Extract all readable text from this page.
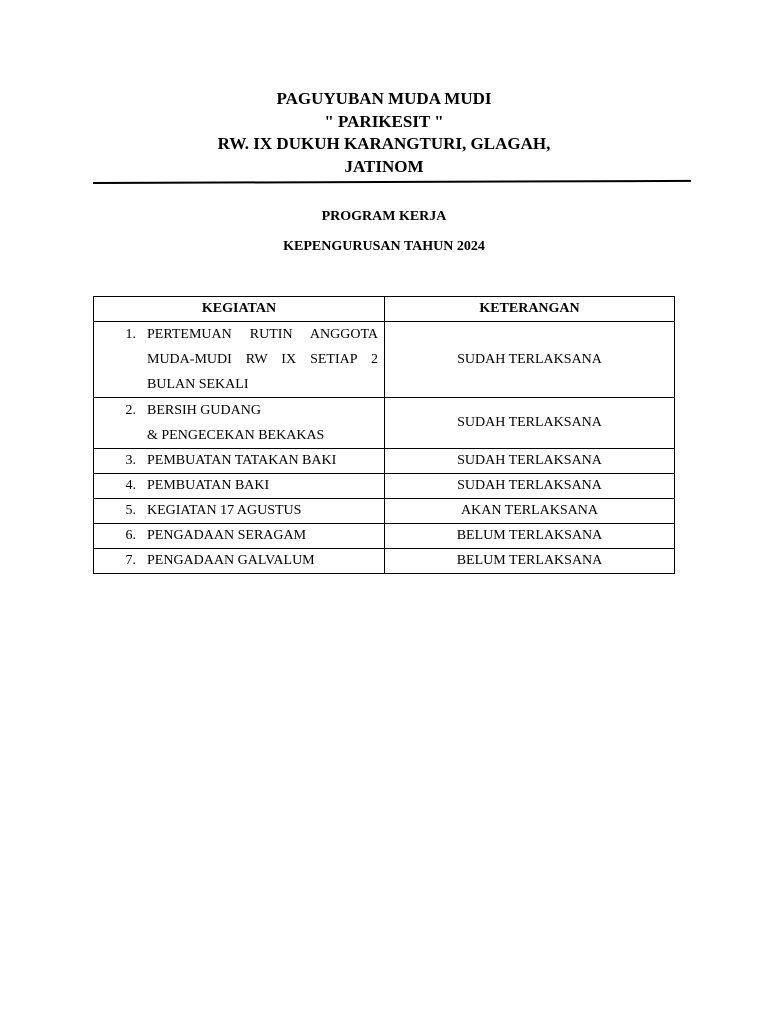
PAGUYUBAN MUDA MUDI
" PARIKESIT "
RW. IX DUKUH KARANGTURI, GLAGAH,
JATINOM
PROGRAM KERJA
KEPENGURUSAN TAHUN 2024
KEGIATAN	KETERANGAN

1. PERTEMUAN RUTIN ANGGOTA
MUDA-MUDI RW IX SETIAP 2
BULAN SEKALI	SUDAH TERLAKSANA

2. BERSIH GUDANG
& PENGECEKAN BEKAKAS	SUDAH TERLAKSANA

3. PEMBUATAN TATAKAN BAKI	SUDAH TERLAKSANA

4. PEMBUATAN BAKI	SUDAH TERLAKSANA

5. KEGIATAN 17 AGUSTUS	AKAN TERLAKSANA

6. PENGADAAN SERAGAM	BELUM TERLAKSANA

7. PENGADAAN GALVALUM	BELUM TERLAKSANA
